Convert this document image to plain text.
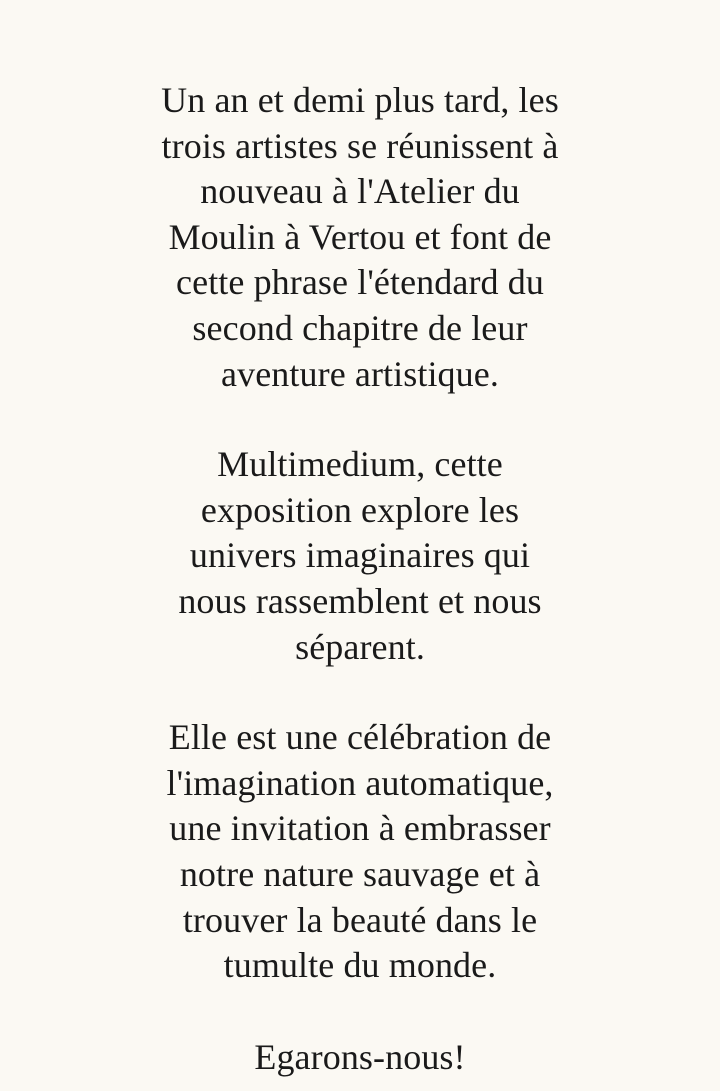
Un an et demi plus tard, les
trois artistes se réunissent à
nouveau à l'Atelier du
Moulin à Vertou et font de
cette phrase l'étendard du
second chapitre de leur
aventure artistique.

Multimedium, cette
exposition explore les
univers imaginaires qui
nous rassemblent et nous
séparent.

Elle est une célébration de
l'imagination automatique,
une invitation à embrasser
notre nature sauvage et à
trouver la beauté dans le
tumulte du monde.

Egarons-nous!
